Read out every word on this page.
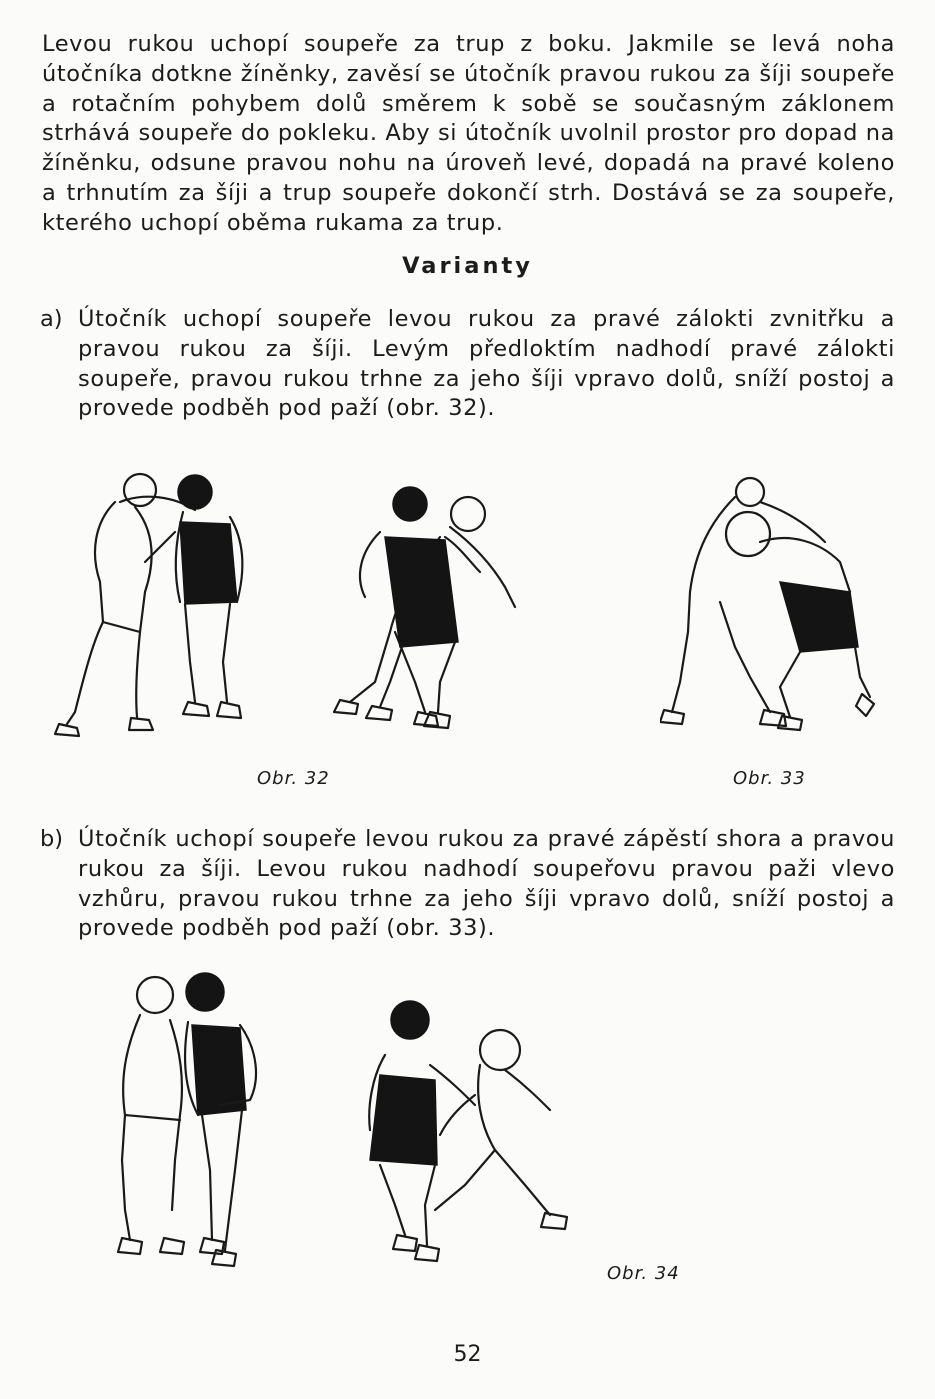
Levou rukou uchopí soupeře za trup z boku. Jakmile se levá noha útočníka dotkne žíněnky, zavěsí se útočník pravou rukou za šíji soupeře a rotačním pohybem dolů směrem k sobě se současným záklonem strhává soupeře do pokleku. Aby si útočník uvolnil prostor pro dopad na žíněnku, odsune pravou nohu na úroveň levé, dopadá na pravé koleno a trhnutím za šíji a trup soupeře dokončí strh. Dostává se za soupeře, kterého uchopí oběma rukama za trup.
Varianty
a) Útočník uchopí soupeře levou rukou za pravé zálokti zvnitřku a pravou rukou za šíji. Levým předloktím nadhodí pravé zálokti soupeře, pravou rukou trhne za jeho šíji vpravo dolů, sníží postoj a provede podběh pod paží (obr. 32).
Obr. 32	Obr. 33
b) Útočník uchopí soupeře levou rukou za pravé zápěstí shora a pravou rukou za šíji. Levou rukou nadhodí soupeřovu pravou paži vlevo vzhůru, pravou rukou trhne za jeho šíji vpravo dolů, sníží postoj a provede podběh pod paží (obr. 33).
Obr. 34
52
